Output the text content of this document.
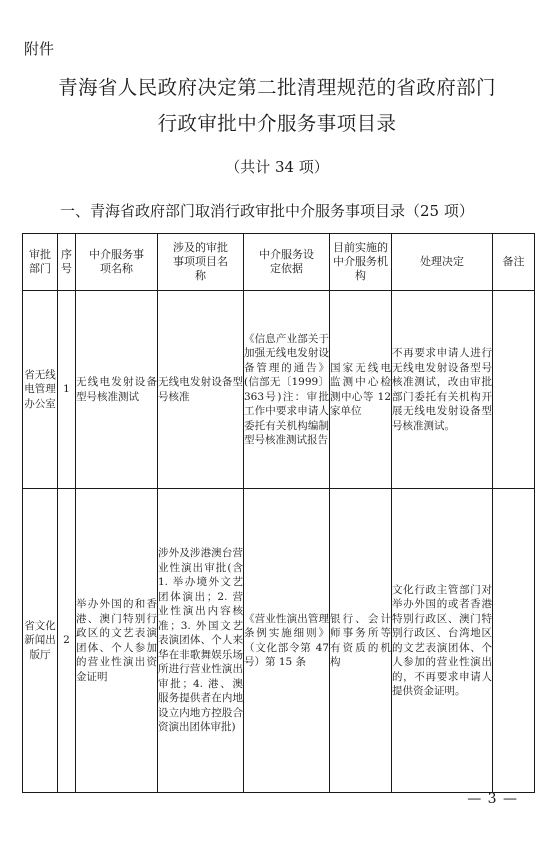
附件
青海省人民政府决定第二批清理规范的省政府部门
行政审批中介服务事项目录
（共计 34 项）
一、青海省政府部门取消行政审批中介服务事项目录（25 项）
审批部门	序号	中介服务事项名称	涉及的审批事项项目名称	中介服务设定依据	目前实施的中介服务机构	处理决定	备注
省无线电管理办公室	1	无线电发射设备型号核准测试	无线电发射设备型号核准	《信息产业部关于加强无线电发射设备管理的通告》(信部无〔1999〕363号)注：审批工作中要求申请人委托有关机构编制型号核准测试报告	国家无线电监测中心检测中心等 12 家单位	不再要求申请人进行无线电发射设备型号核准测试，改由审批部门委托有关机构开展无线电发射设备型号核准测试。	
省文化新闻出版厅	2	举办外国的和香港、澳门特别行政区的文艺表演团体、个人参加的营业性演出资金证明	涉外及涉港澳台营业性演出审批(含 1. 举办境外文艺团体演出；2. 营业性演出内容核准；3. 外国文艺表演团体、个人来华在非歌舞娱乐场所进行营业性演出审批；4. 港、澳服务提供者在内地设立内地方控股合资演出团体审批)	《营业性演出管理条例实施细则》（文化部令第 47 号）第 15 条	银行、会计师事务所等有资质的机构	文化行政主管部门对举办外国的或者香港特别行政区、澳门特别行政区、台湾地区的文艺表演团体、个人参加的营业性演出的，不再要求申请人提供资金证明。	
— 3 —
